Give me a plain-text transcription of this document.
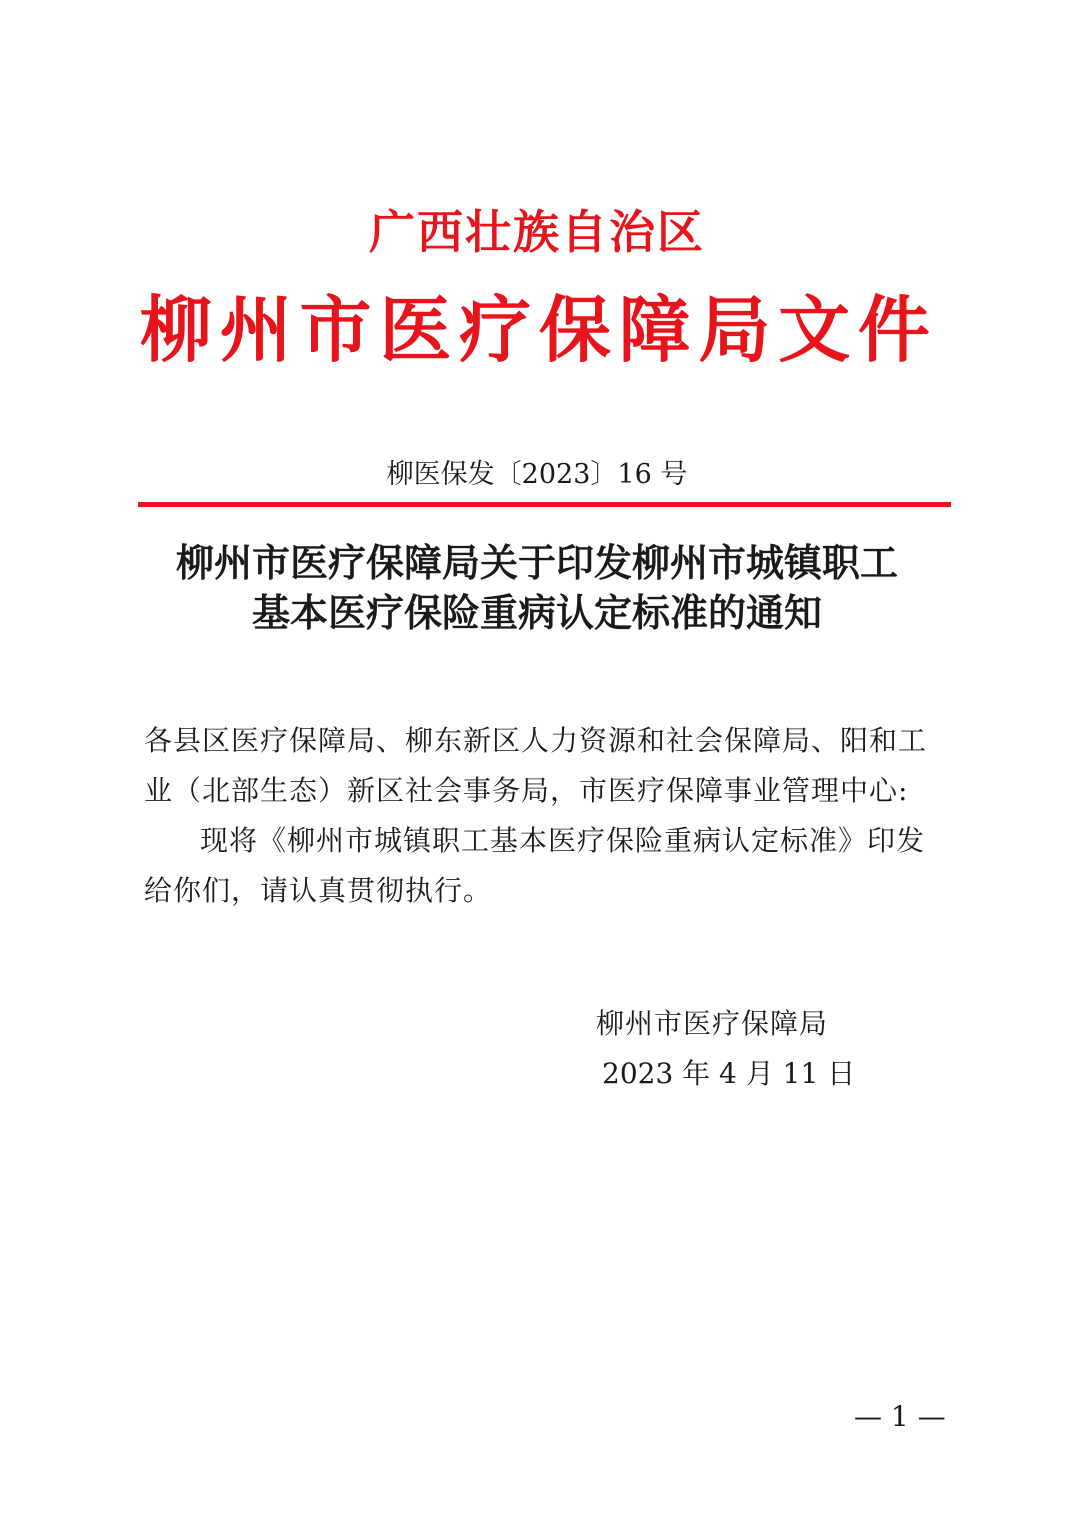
广西壮族自治区
柳 州 市 医 疗 保 障 局 文 件
柳医保发〔2023〕16 号
柳州市医疗保障局关于印发柳州市城镇职工
基本医疗保险重病认定标准的通知
各县区医疗保障局、柳东新区人力资源和社会保障局、阳和工业（北部生态）新区社会事务局，市医疗保障事业管理中心:
现将《柳州市城镇职工基本医疗保险重病认定标准》印发给你们，请认真贯彻执行。
柳州市医疗保障局
2023 年 4 月 11 日
— 1 —
